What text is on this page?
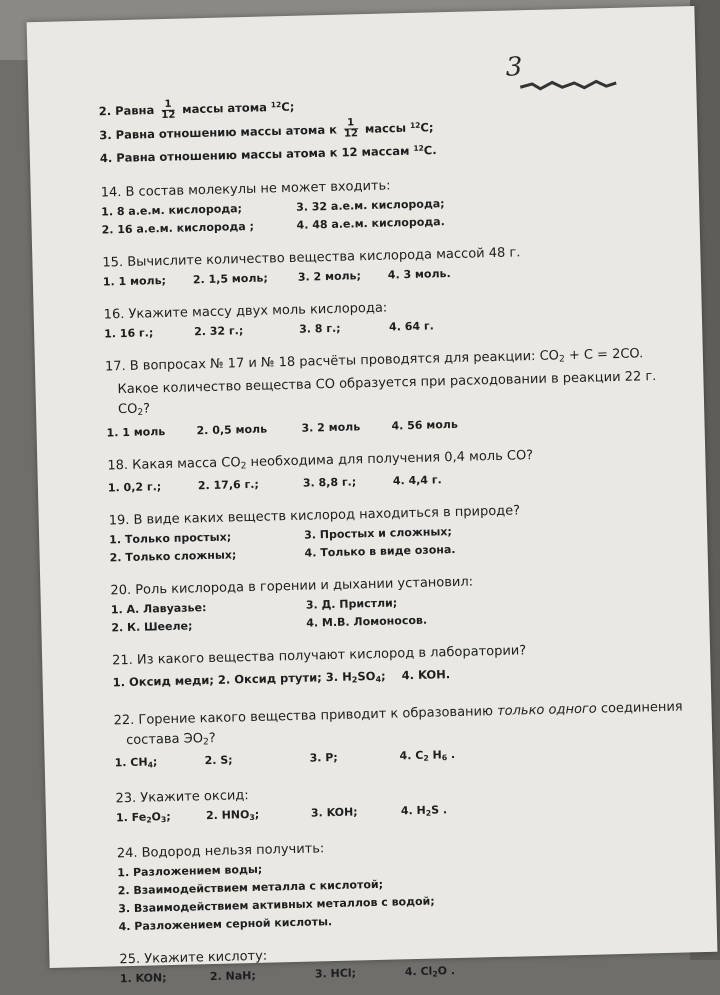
3
2. Равна $\frac{1}{12}$ массы атома $^{12}$C;
3. Равна отношению массы атома к $\frac{1}{12}$ массы $^{12}$C;
4. Равна отношению массы атома к 12 массам $^{12}$C.
14. В состав молекулы не может входить:
1. 8 а.е.м. кислорода;	3. 32 а.е.м. кислорода;
2. 16 а.е.м. кислорода ;	4. 48 а.е.м. кислорода.
15. Вычислите количество вещества кислорода массой 48 г.
1. 1 моль;	2. 1,5 моль;	3. 2 моль;	4. 3 моль.
16. Укажите массу двух моль кислорода:
1. 16 г.;	2. 32 г.;	3. 8 г.;	4. 64 г.
17. В вопросах № 17 и № 18 расчёты проводятся для реакции: $CO_2 + C = 2CO$.
Какое количество вещества CO образуется при расходовании в реакции 22 г. $CO_2$?
1. 1 моль	2. 0,5 моль	3. 2 моль	4. 56 моль
18. Какая масса $CO_2$ необходима для получения 0,4 моль CO?
1. 0,2 г.;	2. 17,6 г.;	3. 8,8 г.;	4. 4,4 г.
19. В виде каких веществ кислород находиться в природе?
1. Только простых;	3. Простых и сложных;
2. Только сложных;	4. Только в виде озона.
20. Роль кислорода в горении и дыхании установил:
1. А. Лавуазье:	3. Д. Пристли;
2. К. Шееле;	4. М.В. Ломоносов.
21. Из какого вещества получают кислород в лаборатории?
1. Оксид меди; 2. Оксид ртути; 3. $H_2SO_4$; 4. KOH.
22. Горение какого вещества приводит к образованию только одного соединения
состава $ЭО_2$?
1. $CH_4$;	2. S;	3. P;	4. $C_2$ $H_6$ .
23. Укажите оксид:
1. $Fe_2O_3$;	2. $HNO_3$;	3. KOH;	4. $H_2S$ .
24. Водород нельзя получить:
1. Разложением воды;
2. Взаимодействием металла с кислотой;
3. Взаимодействием активных металлов с водой;
4. Разложением серной кислоты.
25. Укажите кислоту:
1. KON;	2. NaH;	3. HCl;	4. $Cl_2O$ .
